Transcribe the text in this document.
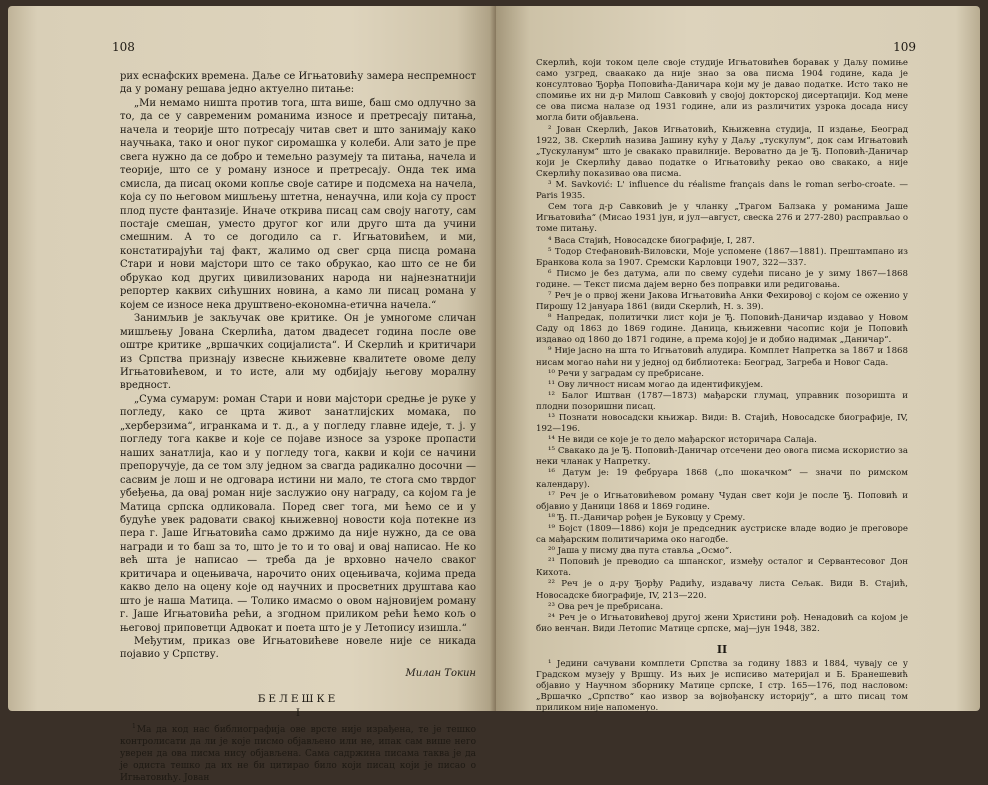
108

рих еснафских времена. Даље се Игњатовићу замера неспремност да у роману решава једно актуелно питање:

„Ми немамо ништа против тога, шта више, баш смо одлучно за то, да се у савременим романима износе и претресају питања, начела и теорије што потресају читав свет и што занимају како научњака, тако и оног пуког сиромашка у колеби. Али зато је пре свега нужно да се добро и темељно разумеју та питања, начела и теорије, што се у роману износе и претресају. Онда тек има смисла, да писац окоми копље своје сатире и подсмеха на начела, која су по његовом мишљењу штетна, ненаучна, или која су прост плод пусте фантазије. Иначе открива писац сам своју наготу, сам постаје смешан, уместо другог ког или друго шта да учини смешним. А то се догодило са г. Игњатовићем, и ми, констатирајући тај факт, жалимо од свег срца писца романа Стари и нови мајстори што се тако обрукао, као што се не би обрукао код других цивилизованих народа ни најнезнатнији репортер каквих сићушних новина, а камо ли писац романа у којем се износе нека друштвено-економна-етична начела.“

Занимљив је закључак ове критике. Он је умногоме сличан мишљењу Јована Скерлића, датом двадесет година после ове оштре критике „вршачких социјалиста“. И Скерлић и критичари из Српства признају извесне књижевне квалитете овоме делу Игњатовићевом, и то исте, али му одбијају његову моралну вредност.

„Сума сумарум: роман Стари и нови мајстори средње је руке у погледу, како се црта живот занатлијских момака, по „херберзима“, игранкама и т. д., а у погледу главне идеје, т. ј. у погледу тога какве и које се појаве износе за узроке пропасти наших занатлија, као и у погледу тога, какви и који се начини препоручује, да се том злу једном за свагда радикално досочни — сасвим је лош и не одговара истини ни мало, те стога смо тврдог убеђења, да овај роман није заслужио ону награду, са којом га је Матица српска одликовала. Поред свег тога, ми ћемо се и у будуће увек радовати свакој књижевној новости која потекне из пера г. Јаше Игњатовића само држимо да није нужно, да се ова награди и то баш за то, што је то и то овај и овај написао. Не ко већ шта је написао — треба да је врховно начело сваког критичара и оцењивача, нарочито оних оцењивача, којима преда какво дело на оцену које од научних и просветних друштава као што је наша Матица. — Толико имасмо о овом најновијем роману г. Јаше Игњатовића рећи, а згодном приликом рећи ћемо кољ о његовој приповетци Адвокат и поета што је у Летопису изишла.“

Међутим, приказ ове Игњатовићеве новеле није се никада појавио у Српству.

Милан Токин
БЕЛЕШКЕ
I

$^1$Ма да код нас библиографија ове врсте није израђена, те је тешко контролисати да ли је које писмо објављено или не, ипак сам више него уверен да ова писма нису објављена. Сама садржина писама таква је да је одиста тешко да их не би цитирао било који писац који је писао о Игњатовићу. Јован

109

Скерлић, који током целе своје студије Игњатовићев боравак у Даљу помиње само узгред, сваакако да није знао за ова писма 1904 године, када је консултовао Ђорђа Поповића-Даничара који му је давао податке. Исто тако не спомиње их ни д-р Милош Савковић у својој докторској дисертацији. Код мене се ова писма налазе од 1931 године, али из различитих узрока досада нису могла бити објављена.

² Јован Скерлић, Јаков Игњатовић, Књижевна студија, II издање, Београд 1922, 38. Скерлић назива Јашину кућу у Даљу „тускулум“, док сам Игњатовић „Тускуланум“ што је свакако правилније. Вероватно да је Ђ. Поповић-Даничар који је Скерлићу давао податке о Игњатовићу рекао ово свакако, а није Скерлићу показивао ова писма.

³ M. Savković: L' influence du réalisme français dans le roman serbo-croate. — Paris 1935.

Сем тога д-р Савковић је у чланку „Трагом Балзака у романима Јаше Игњатовића“ (Мисао 1931 јун, и јул—август, свеска 276 и 277-280) расправљао о томе питању.

⁴ Васа Стајић, Новосадске биографије, I, 287.

⁵ Тодор Стефановић-Виловски, Моје успомене (1867—1881). Прештампано из Бранкова кола за 1907. Сремски Карловци 1907, 322—337.

⁶ Писмо је без датума, али по свему судећи писано је у зиму 1867—1868 године. — Текст писма дајем верно без поправки или редиговања.

⁷ Реч је о првој жени Јакова Игњатовића Анки Фехировој с којом се оженио у Пирошу 12 јануара 1861 (види Скерлић, Н. з. 39).

⁸ Напредак, политички лист који је Ђ. Поповић-Даничар издавао у Новом Саду од 1863 до 1869 године. Даница, књижевни часопис који је Поповић издавао од 1860 до 1871 године, а према којој је и добио надимак „Даничар“.

⁹ Није јасно на шта то Игњатовић алудира. Комплет Напретка за 1867 и 1868 нисам могао наћи ни у једној од библиотека: Београд, Загреба и Новог Сада.

¹⁰ Речи у заградам су пребрисане.

¹¹ Ову личност нисам могао да идентификујем.

¹² Балог Иштван (1787—1873) мађарски глумац, управник позоришта и плодни позоришни писац.

¹³ Познати новосадски књижар. Види: В. Стајић, Новосадске биографије, IV, 192—196.

¹⁴ Не види се које је то дело мађарског историчара Салаја.

¹⁵ Свакако да је Ђ. Поповић-Даничар отсечени део овога писма искористио за неки чланак у Напретку.

¹⁶ Датум је: 19 фебруара 1868 („по шокачком“ — значи по римском календару).

¹⁷ Реч је о Игњатовићевом роману Чудан свет који је после Ђ. Поповић и објавио у Даници 1868 и 1869 године.

¹⁸ Ђ. П.-Даничар рођен је Буковцу у Срему.

¹⁹ Бојст (1809—1886) који је председник аустриске владе водио је преговоре са мађарским политичарима око нагодбе.

²⁰ Јаша у писму два пута ставља „Осмо“.

²¹ Поповић је преводио са шпанског, између осталог и Сервантесовог Дон Кихота.

²² Реч је о д-ру Ђорђу Радићу, издавачу листа Сељак. Види В. Стајић, Новосадске биографије, IV, 213—220.

²³ Ова реч је пребрисана.

²⁴ Реч је о Игњатовићевој другој жени Христини рођ. Ненадовић са којом је био венчан. Види Летопис Матице српске, мај—јун 1948, 382.

II

¹ Једини сачувани комплети Српства за годину 1883 и 1884, чувају се у Градском музеју у Вршцу. Из њих је исписиво материјал и Б. Бранешевић објавио у Научном зборнику Матице српске, I стр. 165—176, под насловом: „Вршачко „Српство“ као извор за војвођанску историју“, а што писац том приликом није напоменуо.
